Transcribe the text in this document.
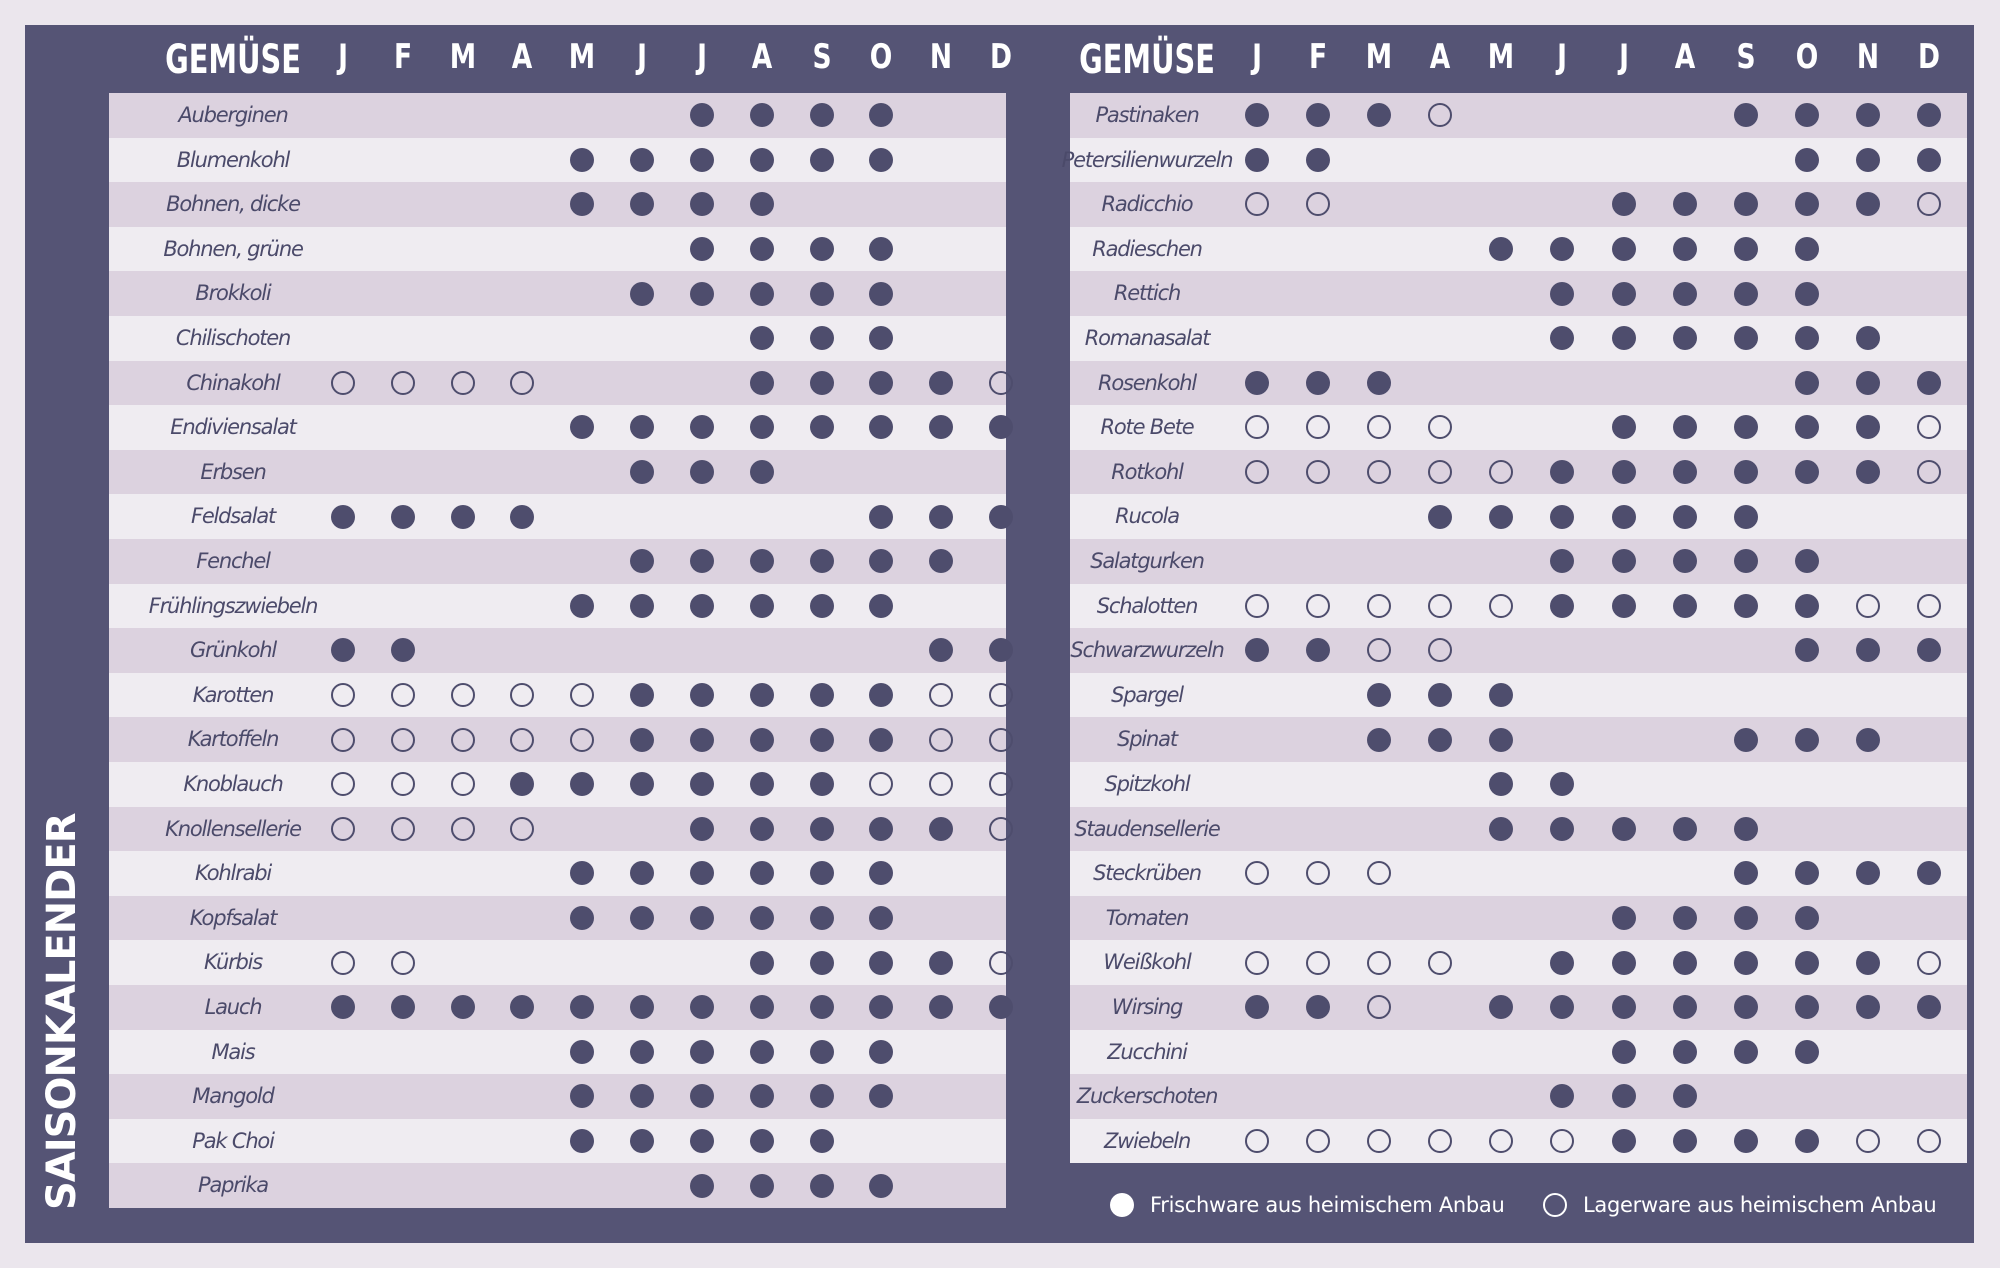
SAISONKALENDER
GEMÜSE J F M A M J J A S O N D
Auberginen
Blumenkohl
Bohnen, dicke
Bohnen, grüne
Brokkoli
Chilischoten
Chinakohl
Endiviensalat
Erbsen
Feldsalat
Fenchel
Frühlingszwiebeln
Grünkohl
Karotten
Kartoffeln
Knoblauch
Knollensellerie
Kohlrabi
Kopfsalat
Kürbis
Lauch
Mais
Mangold
Pak Choi
Paprika
GEMÜSE J F M A M J J A S O N D
Pastinaken
Petersilienwurzeln
Radicchio
Radieschen
Rettich
Romanasalat
Rosenkohl
Rote Bete
Rotkohl
Rucola
Salatgurken
Schalotten
Schwarzwurzeln
Spargel
Spinat
Spitzkohl
Staudensellerie
Steckrüben
Tomaten
Weißkohl
Wirsing
Zucchini
Zuckerschoten
Zwiebeln
Frischware aus heimischem Anbau	Lagerware aus heimischem Anbau
